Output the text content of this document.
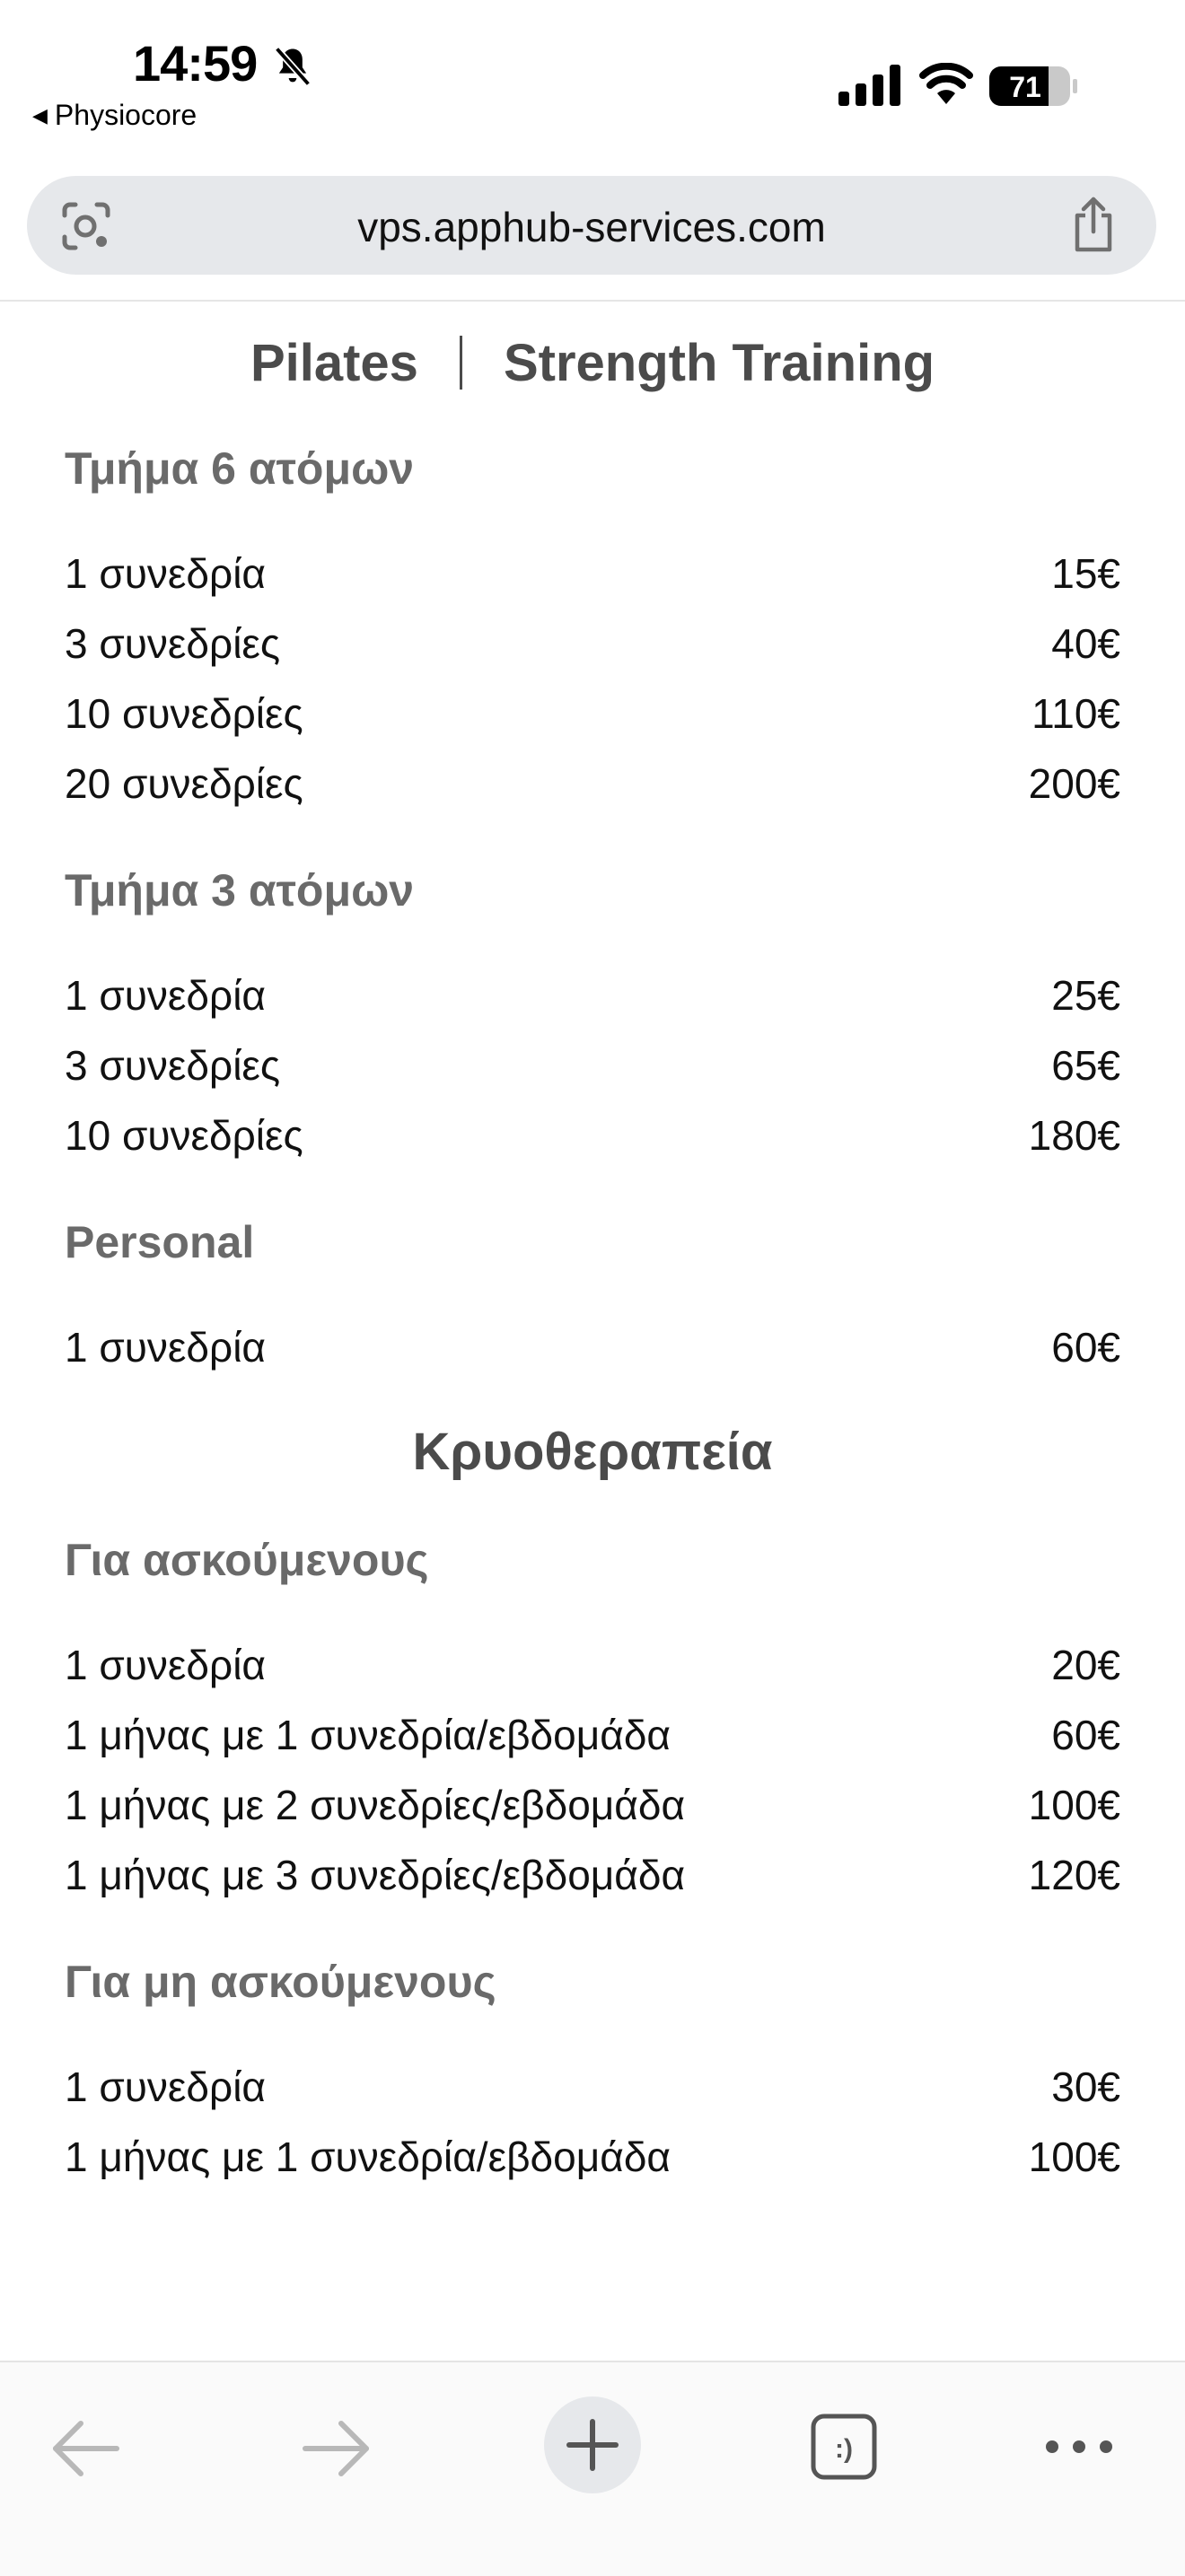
14:59
◀ Physiocore
71
vps.apphub-services.com
Pilates Strength Training
Τμήμα 6 ατόμων
1 συνεδρία	15€
3 συνεδρίες	40€
10 συνεδρίες	110€
20 συνεδρίες	200€
Τμήμα 3 ατόμων
1 συνεδρία	25€
3 συνεδρίες	65€
10 συνεδρίες	180€
Personal
1 συνεδρία	60€
Κρυοθεραπεία
Για ασκούμενους
1 συνεδρία	20€
1 μήνας με 1 συνεδρία/εβδομάδα	60€
1 μήνας με 2 συνεδρίες/εβδομάδα	100€
1 μήνας με 3 συνεδρίες/εβδομάδα	120€
Για μη ασκούμενους
1 συνεδρία	30€
1 μήνας με 1 συνεδρία/εβδομάδα	100€
:)
